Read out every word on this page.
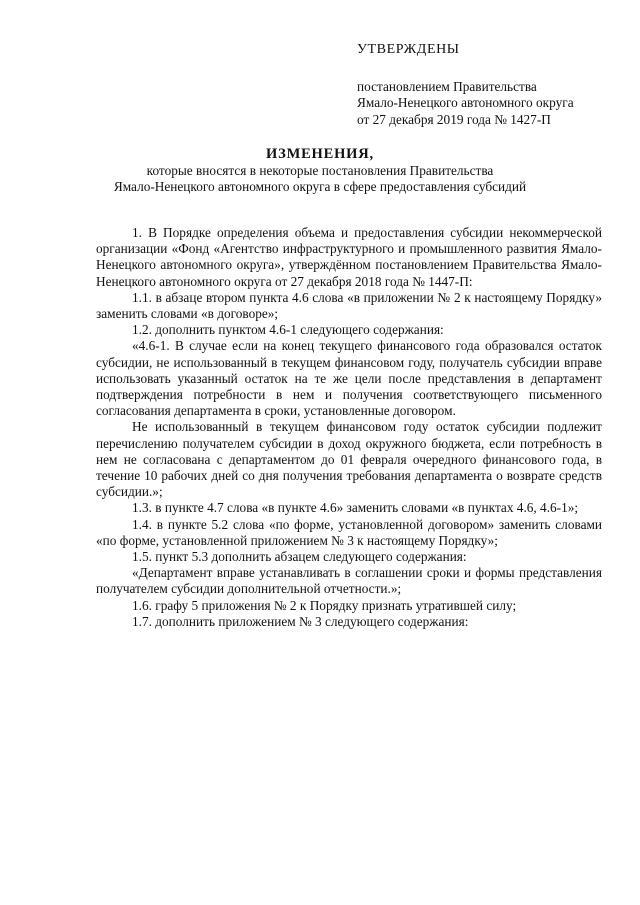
УТВЕРЖДЕНЫ
постановлением Правительства
Ямало-Ненецкого автономного округа
от 27 декабря 2019 года № 1427-П
ИЗМЕНЕНИЯ,
которые вносятся в некоторые постановления Правительства
Ямало-Ненецкого автономного округа в сфере предоставления субсидий

1. В Порядке определения объема и предоставления субсидии некоммерческой организации «Фонд «Агентство инфраструктурного и промышленного развития Ямало-Ненецкого автономного округа», утверждённом постановлением Правительства Ямало-Ненецкого автономного округа от 27 декабря 2018 года № 1447-П:

1.1. в абзаце втором пункта 4.6 слова «в приложении № 2 к настоящему Порядку» заменить словами «в договоре»;

1.2. дополнить пунктом 4.6-1 следующего содержания:

«4.6-1. В случае если на конец текущего финансового года образовался остаток субсидии, не использованный в текущем финансовом году, получатель субсидии вправе использовать указанный остаток на те же цели после представления в департамент подтверждения потребности в нем и получения соответствующего письменного согласования департамента в сроки, установленные договором.

Не использованный в текущем финансовом году остаток субсидии подлежит перечислению получателем субсидии в доход окружного бюджета, если потребность в нем не согласована с департаментом до 01 февраля очередного финансового года, в течение 10 рабочих дней со дня получения требования департамента о возврате средств субсидии.»;

1.3. в пункте 4.7 слова «в пункте 4.6» заменить словами «в пунктах 4.6, 4.6-1»;

1.4. в пункте 5.2 слова «по форме, установленной договором» заменить словами «по форме, установленной приложением № 3 к настоящему Порядку»;

1.5. пункт 5.3 дополнить абзацем следующего содержания:

«Департамент вправе устанавливать в соглашении сроки и формы представления получателем субсидии дополнительной отчетности.»;

1.6. графу 5 приложения № 2 к Порядку признать утратившей силу;

1.7. дополнить приложением № 3 следующего содержания:
